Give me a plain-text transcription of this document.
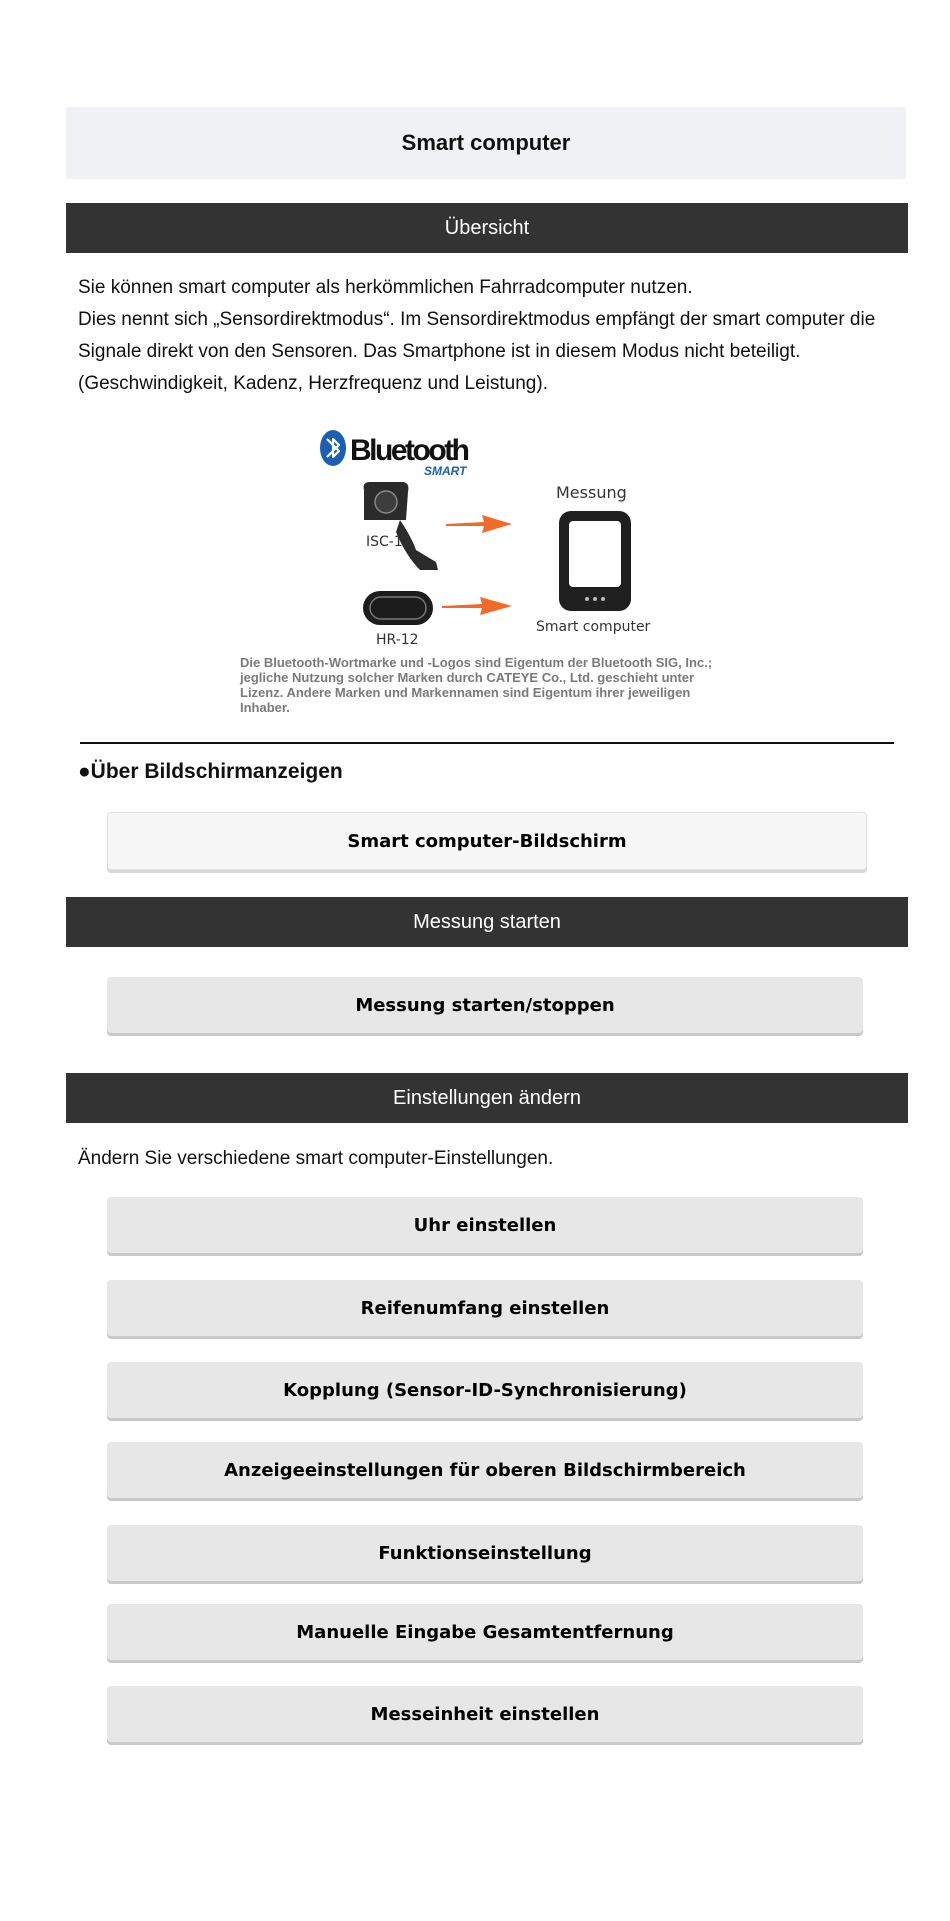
Smart computer
Übersicht

Sie können smart computer als herkömmlichen Fahrradcomputer nutzen.

Dies nennt sich „Sensordirektmodus“. Im Sensordirektmodus empfängt der smart computer die Signale direkt von den Sensoren. Das Smartphone ist in diesem Modus nicht beteiligt. (Geschwindigkeit, Kadenz, Herzfrequenz und Leistung).

Bluetooth
SMART
ISC-12
HR-12
Messung
Smart computer

Die Bluetooth-Wortmarke und -Logos sind Eigentum der Bluetooth SIG, Inc.; jegliche Nutzung solcher Marken durch CATEYE Co., Ltd. geschieht unter Lizenz. Andere Marken und Markennamen sind Eigentum ihrer jeweiligen Inhaber.

●Über Bildschirmanzeigen
Smart computer-Bildschirm
Messung starten
Messung starten/stoppen
Einstellungen ändern

Ändern Sie verschiedene smart computer-Einstellungen.

Uhr einstellen
Reifenumfang einstellen
Kopplung (Sensor-ID-Synchronisierung)
Anzeigeeinstellungen für oberen Bildschirmbereich
Funktionseinstellung
Manuelle Eingabe Gesamtentfernung
Messeinheit einstellen
